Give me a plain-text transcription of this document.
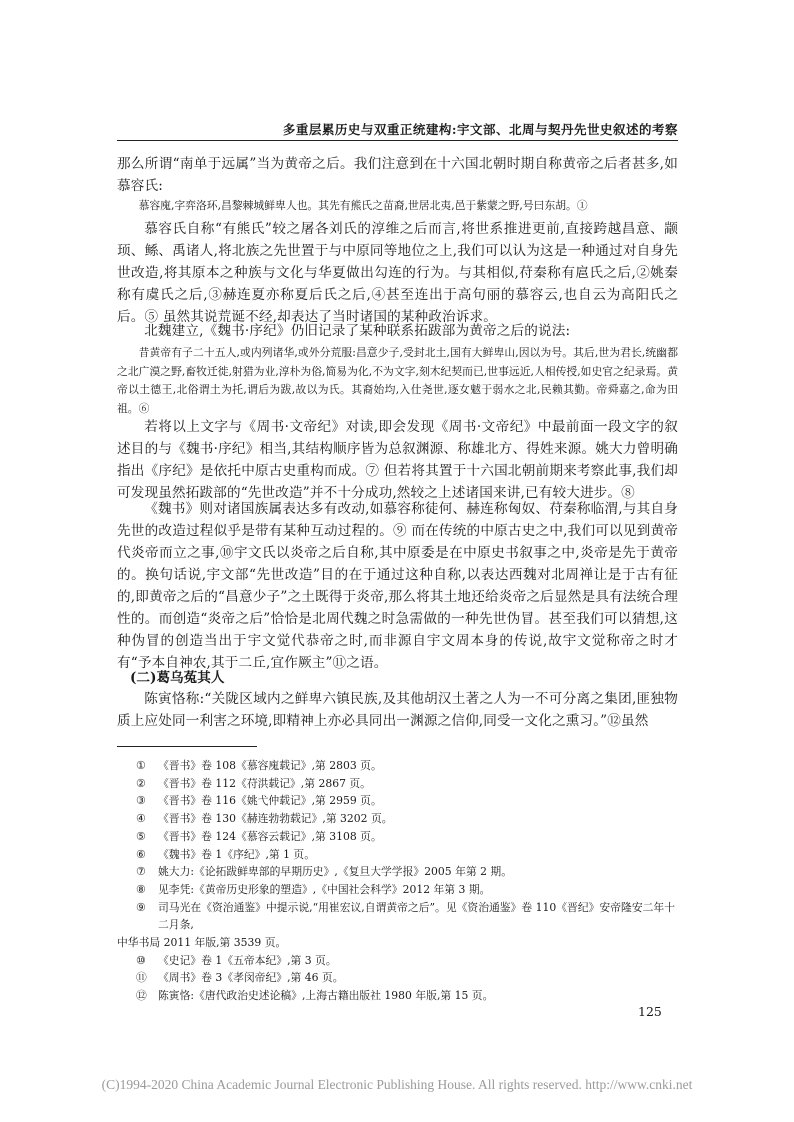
多重层累历史与双重正统建构:宇文部、北周与契丹先世史叙述的考察
那么所谓“南单于远属”当为黄帝之后。我们注意到在十六国北朝时期自称黄帝之后者甚多,如慕容氏:
慕容廆,字弈洛环,昌黎棘城鲜卑人也。其先有熊氏之苗裔,世居北夷,邑于紫蒙之野,号曰东胡。①
慕容氏自称“有熊氏”较之屠各刘氏的淳维之后而言,将世系推进更前,直接跨越昌意、颛顼、鲧、禹诸人,将北族之先世置于与中原同等地位之上,我们可以认为这是一种通过对自身先世改造,将其原本之种族与文化与华夏做出勾连的行为。与其相似,苻秦称有扈氏之后,②姚秦称有虞氏之后,③赫连夏亦称夏后氏之后,④甚至连出于高句丽的慕容云,也自云为高阳氏之后。⑤ 虽然其说荒诞不经,却表达了当时诸国的某种政治诉求。
北魏建立,《魏书·序纪》仍旧记录了某种联系拓跋部为黄帝之后的说法:
昔黄帝有子二十五人,或内列诸华,或外分荒服:昌意少子,受封北土,国有大鲜卑山,因以为号。其后,世为君长,统幽都之北广漠之野,畜牧迁徙,射猎为业,淳朴为俗,简易为化,不为文字,刻木纪契而已,世事远近,人相传授,如史官之纪录焉。黄帝以土德王,北俗谓土为托,谓后为跋,故以为氏。其裔始均,入仕尧世,逐女魃于弱水之北,民赖其勤。帝舜嘉之,命为田祖。⑥
若将以上文字与《周书·文帝纪》对读,即会发现《周书·文帝纪》中最前面一段文字的叙述目的与《魏书·序纪》相当,其结构顺序皆为总叙渊源、称雄北方、得姓来源。姚大力曾明确指出《序纪》是依托中原古史重构而成。⑦ 但若将其置于十六国北朝前期来考察此事,我们却可发现虽然拓跋部的“先世改造”并不十分成功,然较之上述诸国来讲,已有较大进步。⑧
《魏书》则对诸国族属表达多有改动,如慕容称徒何、赫连称匈奴、苻秦称临渭,与其自身先世的改造过程似乎是带有某种互动过程的。⑨ 而在传统的中原古史之中,我们可以见到黄帝代炎帝而立之事,⑩宇文氏以炎帝之后自称,其中原委是在中原史书叙事之中,炎帝是先于黄帝的。换句话说,宇文部“先世改造”目的在于通过这种自称,以表达西魏对北周禅让是于古有征的,即黄帝之后的“昌意少子”之土既得于炎帝,那么将其土地还给炎帝之后显然是具有法统合理性的。而创造“炎帝之后”恰恰是北周代魏之时急需做的一种先世伪冒。甚至我们可以猜想,这种伪冒的创造当出于宇文觉代恭帝之时,而非源自宇文周本身的传说,故宇文觉称帝之时才有“予本自神农,其于二丘,宜作厥主”⑪之语。
(二)葛乌菟其人
陈寅恪称:“关陇区域内之鲜卑六镇民族,及其他胡汉土著之人为一不可分离之集团,匪独物质上应处同一利害之环境,即精神上亦必具同出一渊源之信仰,同受一文化之熏习。”⑫虽然
①	《晋书》卷 108《慕容廆载记》,第 2803 页。
②	《晋书》卷 112《苻洪载记》,第 2867 页。
③	《晋书》卷 116《姚弋仲载记》,第 2959 页。
④	《晋书》卷 130《赫连勃勃载记》,第 3202 页。
⑤	《晋书》卷 124《慕容云载记》,第 3108 页。
⑥	《魏书》卷 1《序纪》,第 1 页。
⑦	姚大力:《论拓跋鲜卑部的早期历史》,《复旦大学学报》2005 年第 2 期。
⑧	见李凭:《黄帝历史形象的塑造》,《中国社会科学》2012 年第 3 期。
⑨	司马光在《资治通鉴》中提示说,“用崔宏议,自谓黄帝之后”。见《资治通鉴》卷 110《晋纪》安帝隆安二年十二月条,
中华书局 2011 年版,第 3539 页。
⑩	《史记》卷 1《五帝本纪》,第 3 页。
⑪	《周书》卷 3《孝闵帝纪》,第 46 页。
⑫	陈寅恪:《唐代政治史述论稿》,上海古籍出版社 1980 年版,第 15 页。
125
(C)1994-2020 China Academic Journal Electronic Publishing House. All rights reserved. http://www.cnki.net
